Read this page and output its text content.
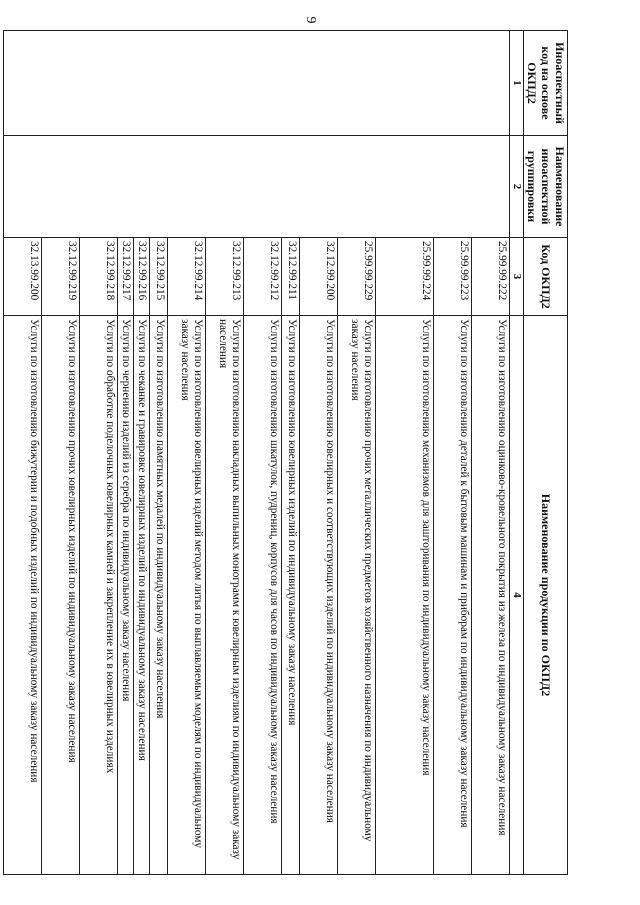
9
Иноаспектный код на основе ОКПД2	Наименование иноаспектной группировки	Код ОКПД2	Наименование продукции по ОКПД2
1	2	3	4
		25.99.99.222	Услуги по изготовлению оцинково-кровельного покрытия из железа по индивидуальному заказу населения
		25.99.99.223	Услуги по изготовлению деталей к бытовым машинам и приборам по индивидуальному заказу населения
		25.99.99.224	Услуги по изготовлению механизмов для зашторивания по индивидуальному заказу населения
		25.99.99.229	Услуги по изготовлению прочих металлических предметов хозяйственного назначения по индивидуальному заказу населения
		32.12.99.200	Услуги по изготовлению ювелирных и соответствующих изделий по индивидуальному заказу населения
		32.12.99.211	Услуги по изготовлению ювелирных изделий по индивидуальному заказу населения
		32.12.99.212	Услуги по изготовлению шкатулок, пудрениц, корпусов для часов по индивидуальному заказу населения
		32.12.99.213	Услуги по изготовлению накладных выпильных монограмм к ювелирным изделиям по индивидуальному заказу населения
		32.12.99.214	Услуги по изготовлению ювелирных изделий методом литья по выплавляемым моделям по индивидуальному заказу населения
		32.12.99.215	Услуги по изготовлению памятных медалей по индивидуальному заказу населения
		32.12.99.216	Услуги по чеканке и гравировке ювелирных изделий по индивидуальному заказу населения
		32.12.99.217	Услуги по чернению изделий из серебра по индивидуальному заказу населения
		32.12.99.218	Услуги по обработке поделочных ювелирных камней и закрепление их в ювелирных изделиях
		32.12.99.219	Услуги по изготовлению прочих ювелирных изделий по индивидуальному заказу населения
		32.13.99.200	Услуги по изготовлению бижутерии и подобных изделий по индивидуальному заказу населения
